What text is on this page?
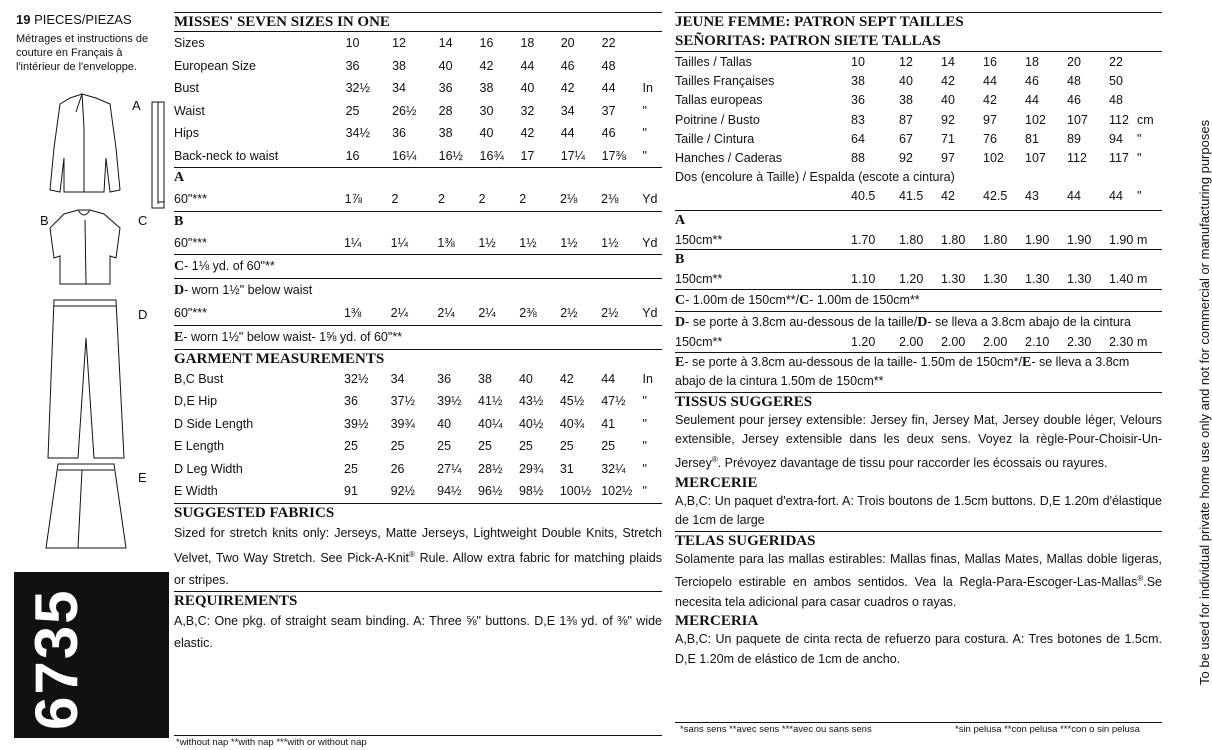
19 PIECES/PIEZAS
Métrages et instructions de couture en Français à l'intérieur de l'enveloppe.
A
B	C
D
E
6735
MISSES' SEVEN SIZES IN ONE
Sizes	10	12	14	16	18	20	22	
European Size	36	38	40	42	44	46	48	
Bust	32½	34	36	38	40	42	44	In
Waist	25	26½	28	30	32	34	37	"
Hips	34½	36	38	40	42	44	46	"
Back-neck to waist	16	16¼	16½	16¾	17	17¼	17⅜	"
A
60"***	1⅞	2	2	2	2	2⅛	2⅛	Yd
B
60"***	1¼	1¼	1⅜	1½	1½	1½	1½	Yd
C- 1⅛ yd. of 60"**
D- worn 1½" below waist
60"***	1⅜	2¼	2¼	2¼	2⅜	2½	2½	Yd
E- worn 1½" below waist- 1⅝ yd. of 60"**
GARMENT MEASUREMENTS
B,C Bust	32½	34	36	38	40	42	44	In
D,E Hip	36	37½	39½	41½	43½	45½	47½	"
D Side Length	39½	39¾	40	40¼	40½	40¾	41	"
E Length	25	25	25	25	25	25	25	"
D Leg Width	25	26	27¼	28½	29¾	31	32¼	"
E Width	91	92½	94½	96½	98½	100½	102½	"
SUGGESTED FABRICS
Sized for stretch knits only: Jerseys, Matte Jerseys, Lightweight Double Knits, Stretch Velvet, Two Way Stretch. See Pick-A-Knit® Rule. Allow extra fabric for matching plaids or stripes.
REQUIREMENTS
A,B,C: One pkg. of straight seam binding. A: Three ⅝" buttons. D,E 1⅜ yd. of ⅜" wide elastic.
*without nap **with nap ***with or without nap
JEUNE FEMME: PATRON SEPT TAILLES
SEÑORITAS: PATRON SIETE TALLAS
Tailles / Tallas	10	12	14	16	18	20	22	
Tailles Françaises	38	40	42	44	46	48	50	
Tallas europeas	36	38	40	42	44	46	48	
Poitrine / Busto	83	87	92	97	102	107	112	cm
Taille / Cintura	64	67	71	76	81	89	94	"
Hanches / Caderas	88	92	97	102	107	112	117	"
Dos (encolure à Taille) / Espalda (escote a cintura)
	40.5	41.5	42	42.5	43	44	44	"
A
150cm**	1.70	1.80	1.80	1.80	1.90	1.90	1.90	m
B
150cm**	1.10	1.20	1.30	1.30	1.30	1.30	1.40	m
C- 1.00m de 150cm**/C- 1.00m de 150cm**
D- se porte à 3.8cm au-dessous de la taille/D- se lleva a 3.8cm abajo de la cintura
150cm**	1.20	2.00	2.00	2.00	2.10	2.30	2.30	m
E- se porte à 3.8cm au-dessous de la taille- 1.50m de 150cm*/E- se lleva a 3.8cm abajo de la cintura 1.50m de 150cm**
TISSUS SUGGERES
Seulement pour jersey extensible: Jersey fin, Jersey Mat, Jersey double léger, Velours extensible, Jersey extensible dans les deux sens. Voyez la règle-Pour-Choisir-Un-Jersey®. Prévoyez davantage de tissu pour raccorder les écossais ou rayures.
MERCERIE
A,B,C: Un paquet d'extra-fort. A: Trois boutons de 1.5cm buttons. D,E 1.20m d'élastique de 1cm de large
TELAS SUGERIDAS
Solamente para las mallas estirables: Mallas finas, Mallas Mates, Mallas doble ligeras, Terciopelo estirable en ambos sentidos. Vea la Regla-Para-Escoger-Las-Mallas®.Se necesita tela adicional para casar cuadros o rayas.
MERCERIA
A,B,C: Un paquete de cinta recta de refuerzo para costura. A: Tres botones de 1.5cm. D,E 1.20m de elástico de 1cm de ancho.
*sans sens **avec sens ***avec ou sans sens	*sin pelusa **con pelusa ***con o sin pelusa
To be used for individual private home use only and not for commercial or manufacturing purposes
